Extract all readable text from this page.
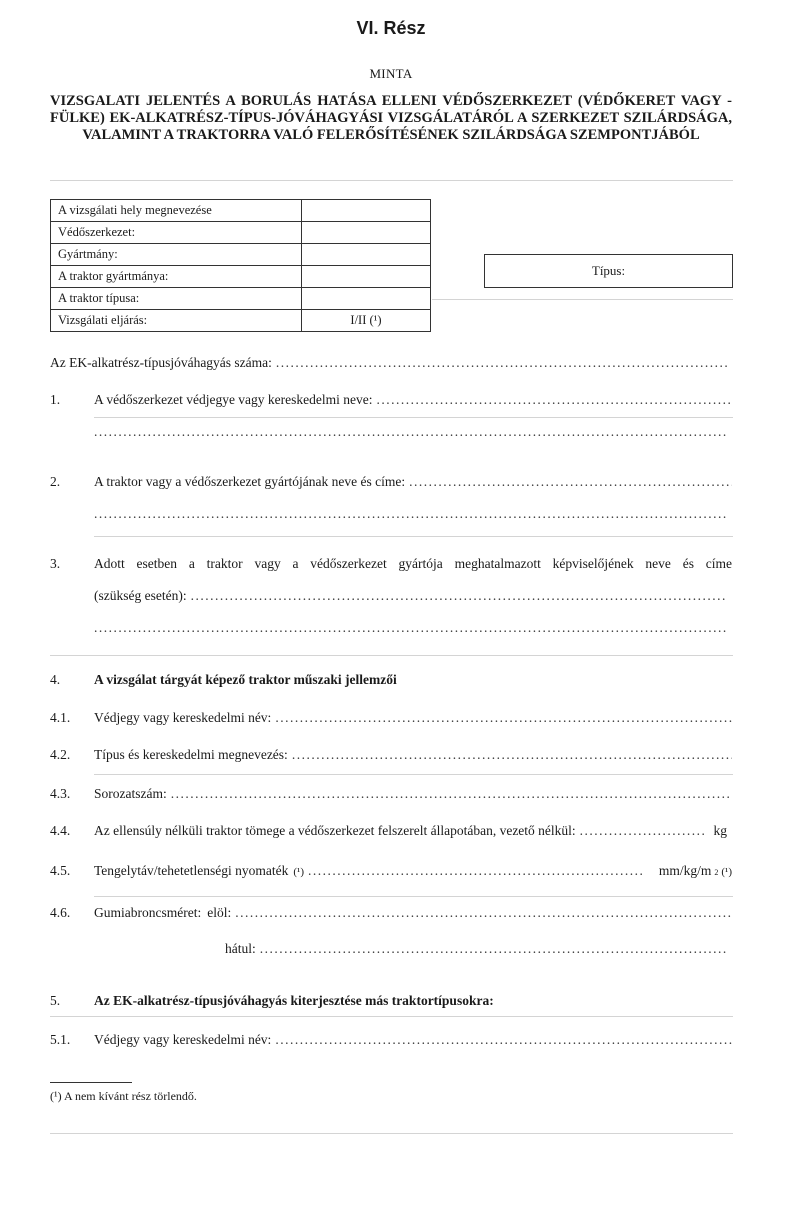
VI. Rész
MINTA
VIZSGALATI JELENTÉS A BORULÁS HATÁSA ELLENI VÉDŐSZERKEZET (VÉDŐKERET VAGY -FÜLKE) EK-ALKATRÉSZ-TÍPUS-JÓVÁHAGYÁSI VIZSGÁLATÁRÓL A SZERKEZET SZILÁRDSÁGA, VALAMINT A TRAKTORRA VALÓ FELERŐSÍTÉSÉNEK SZILÁRDSÁGA SZEMPONTJÁBÓL
A vizsgálati hely megnevezése	
Védőszerkezet:	
Gyártmány:	
A traktor gyártmánya:	
A traktor típusa:	
Vizsgálati eljárás:	I/II (¹)
Típus:
Az EK-alkatrész-típusjóváhagyás száma:
.....
1.	A védőszerkezet védjegye vagy kereskedelmi neve:
.....
.....
2.	A traktor vagy a védőszerkezet gyártójának neve és címe:
.....
.....
3.	Adott esetben a traktor vagy a védőszerkezet gyártója meghatalmazott képviselőjének neve és címe
(szükség esetén):
.....
.....
4.	A vizsgálat tárgyát képező traktor műszaki jellemzői
4.1. Védjegy vagy kereskedelmi név:
.....
4.2. Típus és kereskedelmi megnevezés:
.....
4.3. Sorozatszám:
.....
4.4. Az ellensúly nélküli traktor tömege a védőszerkezet felszerelt állapotában, vezető nélkül: .....	kg
4.5. Tengelytáv/tehetetlenségi nyomaték (¹) .....	mm/kg/m 2 (¹)
4.6. Gumiabroncsméret: elöl:
.....
hátul:
.....
5.	Az EK-alkatrész-típusjóváhagyás kiterjesztése más traktortípusokra:
5.1. Védjegy vagy kereskedelmi név:
.....
(¹) A nem kívánt rész törlendő.
